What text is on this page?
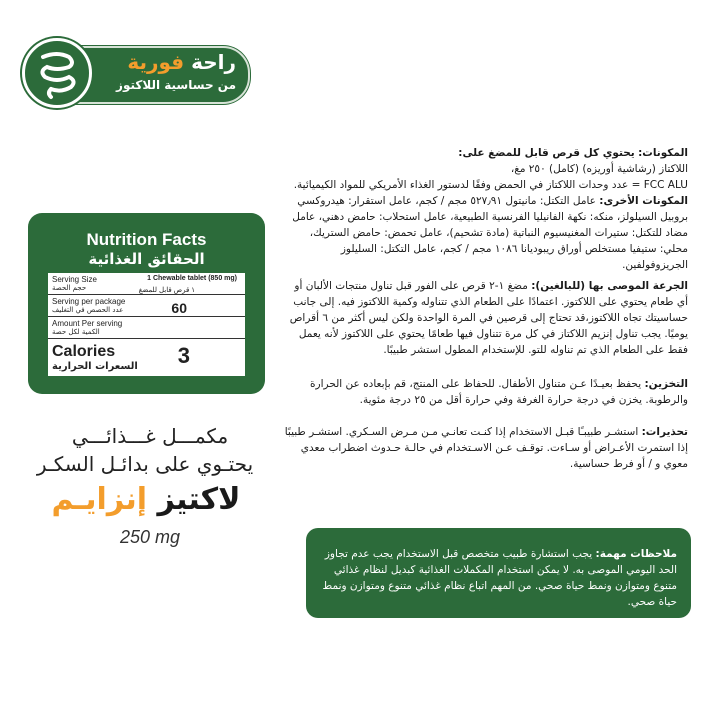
راحة فورية
من حساسية اللاكتوز
Nutrition Facts
الحقائق الغذائية
Serving Size
حجم الحصة
1 Chewable tablet (850 mg)
١ قرص قابل للمضغ
Serving per package
عدد الحصص في التغليف	60
Amount Per serving
الكمية لكل حصة
Calories
السعرات الحرارية	3
مكمـــل غـــذائـــي
يحتـوي على بدائـل السكـر
لاكتيز إنزايـم
250 mg

المكونات: يحتوي كل قرص قابل للمضغ على:

اللاكتاز (رشاشية أوريزه) (كامل) ٢٥٠ مغ،

FCC ALU = عدد وحدات اللاكتاز في الحمض وفقًا لدستور الغذاء الأمريكي للمواد الكيميائية.

المكونات الأخرى: عامل التكتل: مانيتول ٥٢٧٫٩١ مجم / كجم، عامل استقرار: هيدروكسي بروبيل السيلولز، منكه: نكهة الفانيليا الفرنسية الطبيعية، عامل استحلاب: حامض دهني، عامل مضاد للتكتل: ستيرات المغنيسيوم النباتية (مادة تشحيم)، عامل تحمض: حامض الستريك، محلي: ستيفيا مستخلص أوراق ريبوديانا ١٠٨٦ مجم / كجم، عامل التكتل: السليلوز الجريزوفولفين.

الجرعة الموصى بها (للبالغين): مضغ ١-٢ قرص على الفور قبل تناول منتجات الألبان أو أي طعام يحتوي على اللاكتوز. اعتمادًا على الطعام الذي تتناوله وكمية اللاكتوز فيه. إلى جانب حساسيتك تجاه اللاكتوز،قد تحتاج إلى قرصين في المرة الواحدة ولكن ليس أكثر من ٦ أقراص يوميًا. يجب تناول إنزيم اللاكتاز في كل مرة تتناول فيها طعامًا يحتوي على اللاكتوز لأنه يعمل فقط على الطعام الذي تم تناوله للتو. للإستخدام المطول استشر طبيبًا.

التخزين: يحفظ بعيـدًا عـن متناول الأطفال. للحفاظ على المنتج، قم بإبعاده عن الحرارة والرطوبة. يخزن في درجة حرارة الغرفة وفي حرارة أقل من ٢٥ درجة مئوية.

تحذيرات: استشـر طبيبـًا قبـل الاستخدام إذا كنـت تعانـي مـن مـرض السـكري. استشـر طبيبًا إذا استمرت الأعـراض أو سـاءت. توقـف عـن الاسـتخدام في حالـة حـدوث اضطراب معدي معوي و / أو فرط حساسية.

ملاحظات مهمة: يجب استشارة طبيب متخصص قبل الاستخدام يجب عدم تجاوز الحد اليومي الموصى به. لا يمكن استخدام المكملات الغذائية كبديل لنظام غذائي متنوع ومتوازن ونمط حياة صحي. من المهم اتباع نظام غذائي متنوع ومتوازن ونمط حياة صحي.
